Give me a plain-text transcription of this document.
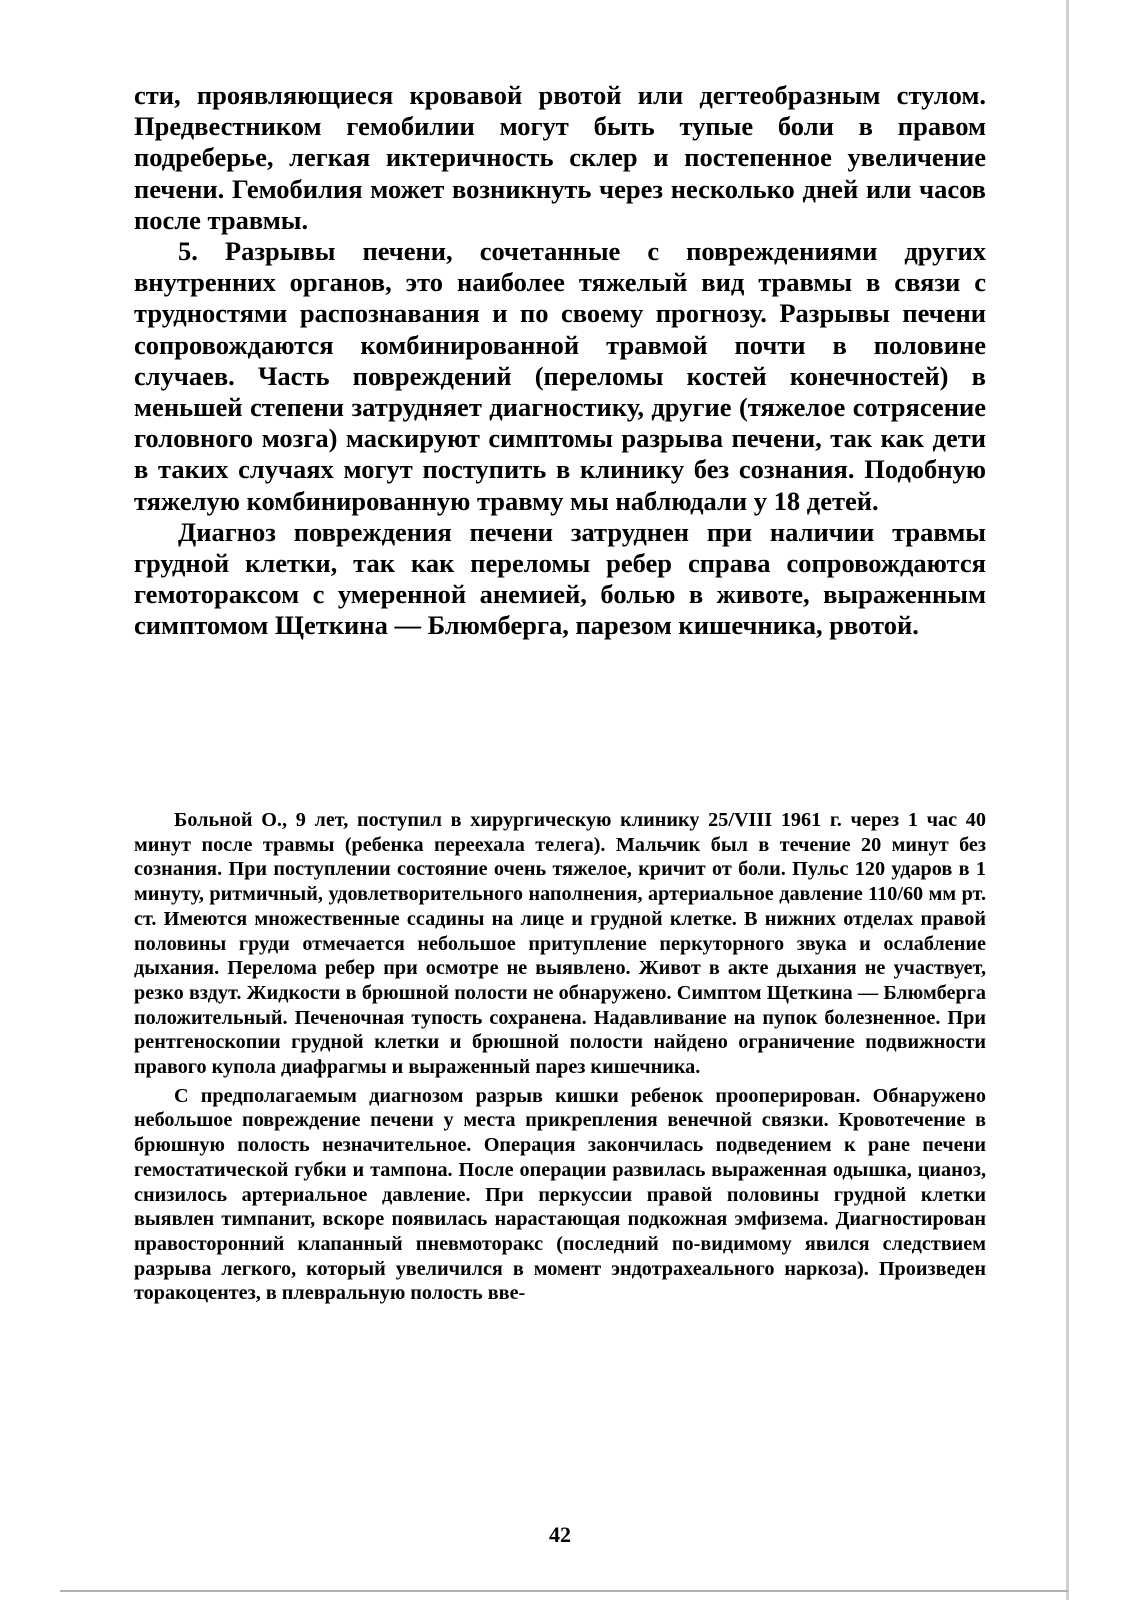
сти, проявляющиеся кровавой рвотой или дегтеобразным стулом. Предвестником гемобилии могут быть тупые боли в правом подреберье, легкая иктеричность склер и постепенное увеличение печени. Гемобилия может возникнуть через несколько дней или часов после травмы.

5. Разрывы печени, сочетанные с повреждениями других внутренних органов, это наиболее тяжелый вид травмы в связи с трудностями распознавания и по своему прогнозу. Разрывы печени сопровождаются комбинированной травмой почти в половине случаев. Часть повреждений (переломы костей конечностей) в меньшей степени затрудняет диагностику, другие (тяжелое сотрясение головного мозга) маскируют симптомы разрыва печени, так как дети в таких случаях могут поступить в клинику без сознания. Подобную тяжелую комбинированную травму мы наблюдали у 18 детей.

Диагноз повреждения печени затруднен при наличии травмы грудной клетки, так как переломы ребер справа сопровождаются гемотораксом с умеренной анемией, болью в животе, выраженным симптомом Щеткина — Блюмберга, парезом кишечника, рвотой.

Больной О., 9 лет, поступил в хирургическую клинику 25/VIII 1961 г. через 1 час 40 минут после травмы (ребенка переехала телега). Мальчик был в течение 20 минут без сознания. При поступлении состояние очень тяжелое, кричит от боли. Пульс 120 ударов в 1 минуту, ритмичный, удовлетворительного наполнения, артериальное давление 110/60 мм рт. ст. Имеются множественные ссадины на лице и грудной клетке. В нижних отделах правой половины груди отмечается небольшое притупление перкуторного звука и ослабление дыхания. Перелома ребер при осмотре не выявлено. Живот в акте дыхания не участвует, резко вздут. Жидкости в брюшной полости не обнаружено. Симптом Щеткина — Блюмберга положительный. Печеночная тупость сохранена. Надавливание на пупок болезненное. При рентгеноскопии грудной клетки и брюшной полости найдено ограничение подвижности правого купола диафрагмы и выраженный парез кишечника.

С предполагаемым диагнозом разрыв кишки ребенок прооперирован. Обнаружено небольшое повреждение печени у места прикрепления венечной связки. Кровотечение в брюшную полость незначительное. Операция закончилась подведением к ране печени гемостатической губки и тампона. После операции развилась выраженная одышка, цианоз, снизилось артериальное давление. При перкуссии правой половины грудной клетки выявлен тимпанит, вскоре появилась нарастающая подкожная эмфизема. Диагностирован правосторонний клапанный пневмоторакс (последний по-видимому явился следствием разрыва легкого, который увеличился в момент эндотрахеального наркоза). Произведен торакоцентез, в плевральную полость вве-

42
